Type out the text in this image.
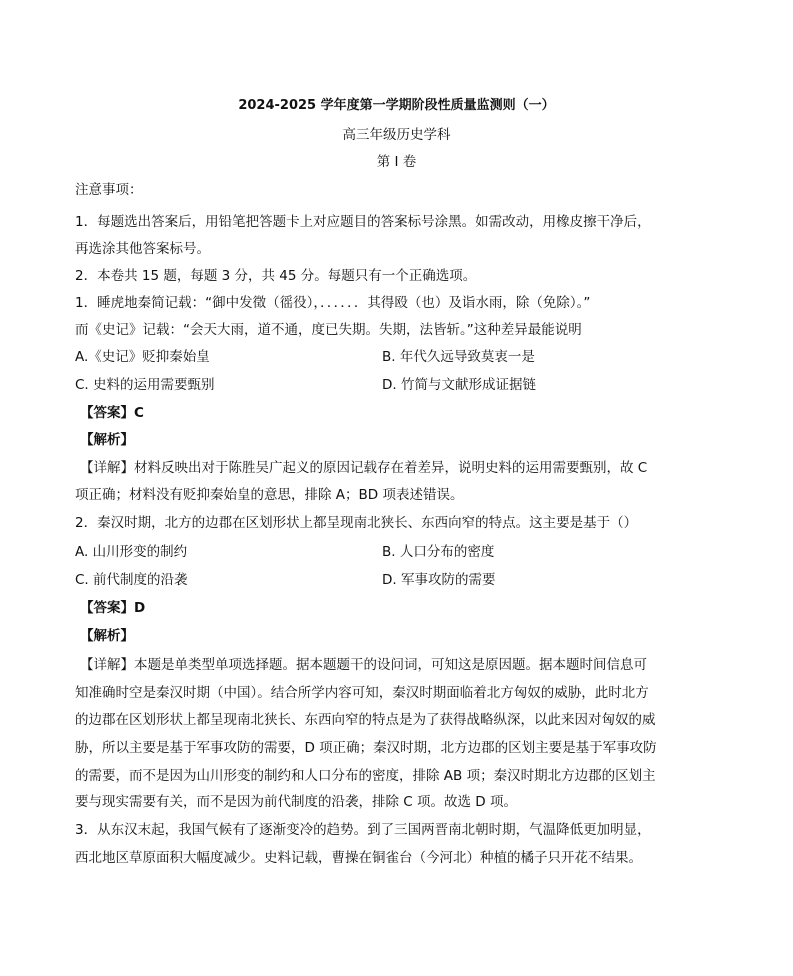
2024-2025 学年度第一学期阶段性质量监测则（一）
高三年级历史学科
第 I 卷
注意事项：
1．每题选出答案后，用铅笔把答题卡上对应题目的答案标号涂黑。如需改动，用橡皮擦干净后，
再选涂其他答案标号。
2．本卷共 15 题，每题 3 分，共 45 分。每题只有一个正确选项。
1．睡虎地秦简记载：“御中发徵（徭役），．．．．．．其得殴（也）及诣水雨，除（免除）。”
而《史记》记载：“会天大雨，道不通，度已失期。失期，法皆斩。”这种差异最能说明
A.《史记》贬抑秦始皇	B. 年代久远导致莫衷一是
C. 史料的运用需要甄别	D. 竹简与文献形成证据链
【答案】C
【解析】
【详解】材料反映出对于陈胜吴广起义的原因记载存在着差异，说明史料的运用需要甄别，故 C
项正确；材料没有贬抑秦始皇的意思，排除 A；BD 项表述错误。
2．秦汉时期，北方的边郡在区划形状上都呈现南北狭长、东西向窄的特点。这主要是基于（）
A. 山川形变的制约	B. 人口分布的密度
C. 前代制度的沿袭	D. 军事攻防的需要
【答案】D
【解析】
【详解】本题是单类型单项选择题。据本题题干的设问词，可知这是原因题。据本题时间信息可
知准确时空是秦汉时期（中国）。结合所学内容可知，秦汉时期面临着北方匈奴的威胁，此时北方
的边郡在区划形状上都呈现南北狭长、东西向窄的特点是为了获得战略纵深，以此来因对匈奴的威
胁，所以主要是基于军事攻防的需要，D 项正确；秦汉时期，北方边郡的区划主要是基于军事攻防
的需要，而不是因为山川形变的制约和人口分布的密度，排除 AB 项；秦汉时期北方边郡的区划主
要与现实需要有关，而不是因为前代制度的沿袭，排除 C 项。故选 D 项。
3．从东汉末起，我国气候有了逐渐变冷的趋势。到了三国两晋南北朝时期，气温降低更加明显，
西北地区草原面积大幅度减少。史料记载，曹操在铜雀台（今河北）种植的橘子只开花不结果。
